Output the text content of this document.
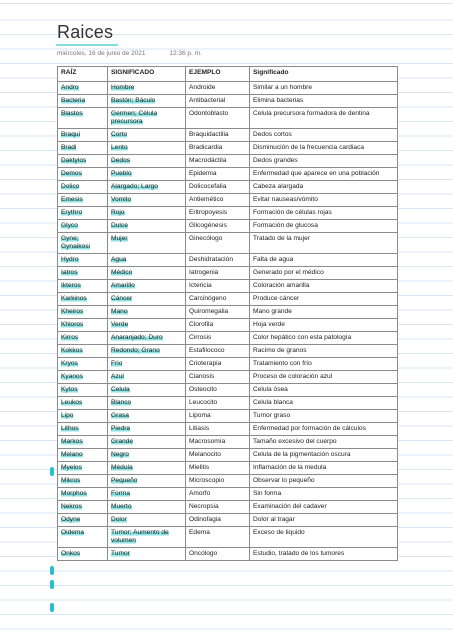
Raices
miércoles, 16 de junio de 2021	12:36 p. m.
RAÍZ	SIGNIFICADO	EJEMPLO	Significado
Andro	Hombre	Androide	Similar a un hombre
Bacteria	Bastón; Báculo	Antibacterial	Elimina bacterias
Blastos	Germen; Célula precursora	Odontoblasto	Celula precursora formadora de dentina
Braqui	Corto	Braquidactilia	Dedos cortos
Bradi	Lento	Bradicardia	Disminución de la frecuencia cardiaca
Daktylos	Dedos	Macrodáctila	Dedos grandes
Demos	Pueblo	Epidemia	Enfermedad que aparece en una población
Dolico	Alargado; Largo	Dolicocefalia	Cabeza alargada
Emesis	Vomito	Antiemético	Evitar nauseas/vómito
Erythro	Rojo	Eritropoyesis	Formación de células rojas
Glyco	Dulce	Glicogénesis	Formación de glucosa
Gyne; Gynaikosi	Mujer	Ginecólogo	Tratado de la mujer
Hydro	Agua	Deshidratación	Falta de agua
Iatros	Médico	Iatrogenia	Generado por el médico
Ikteros	Amarillo	Ictericia	Coloración amarilla
Karkinos	Cáncer	Carcinógeno	Produce cáncer
Kheiros	Mano	Quiromegalia	Mano grande
Khloros	Verde	Clorofila	Hoja verde
Kirros	Anaranjado; Duro	Cirrosis	Color hepático con esta patología
Kokkos	Redondo; Grano	Estafilococo	Racimo de granos
Kryos	Frio	Crioterapia	Tratamiento con frío
Kyanos	Azul	Cianosis	Proceso de coloración azul
Kytos	Celula	Osteocito	Celula ósea
Leukos	Blanco	Leucocito	Celula blanca
Lipo	Grasa	Lipoma	Tumor graso
Lithos	Piedra	Litiasis	Enfermedad por formación de cálculos
Markos	Grande	Macrosomía	Tamaño excesivo del cuerpo
Melano	Negro	Melanocito	Celula de la pigmentación oscura
Myelos	Médula	Mielitis	Inflamación de la medula
Mikros	Pequeño	Microscopio	Observar lo pequeño
Morphos	Forma	Amorfo	Sin forma
Nekros	Muerto	Necropsia	Examinación del cadaver
Odyne	Dolor	Odinofagia	Dolor al tragar
Oidema	Tumor; Aumento de volumen	Edema	Exceso de liquido
Onkos	Tumor	Oncólogo	Estudio, tratado de los tumores
